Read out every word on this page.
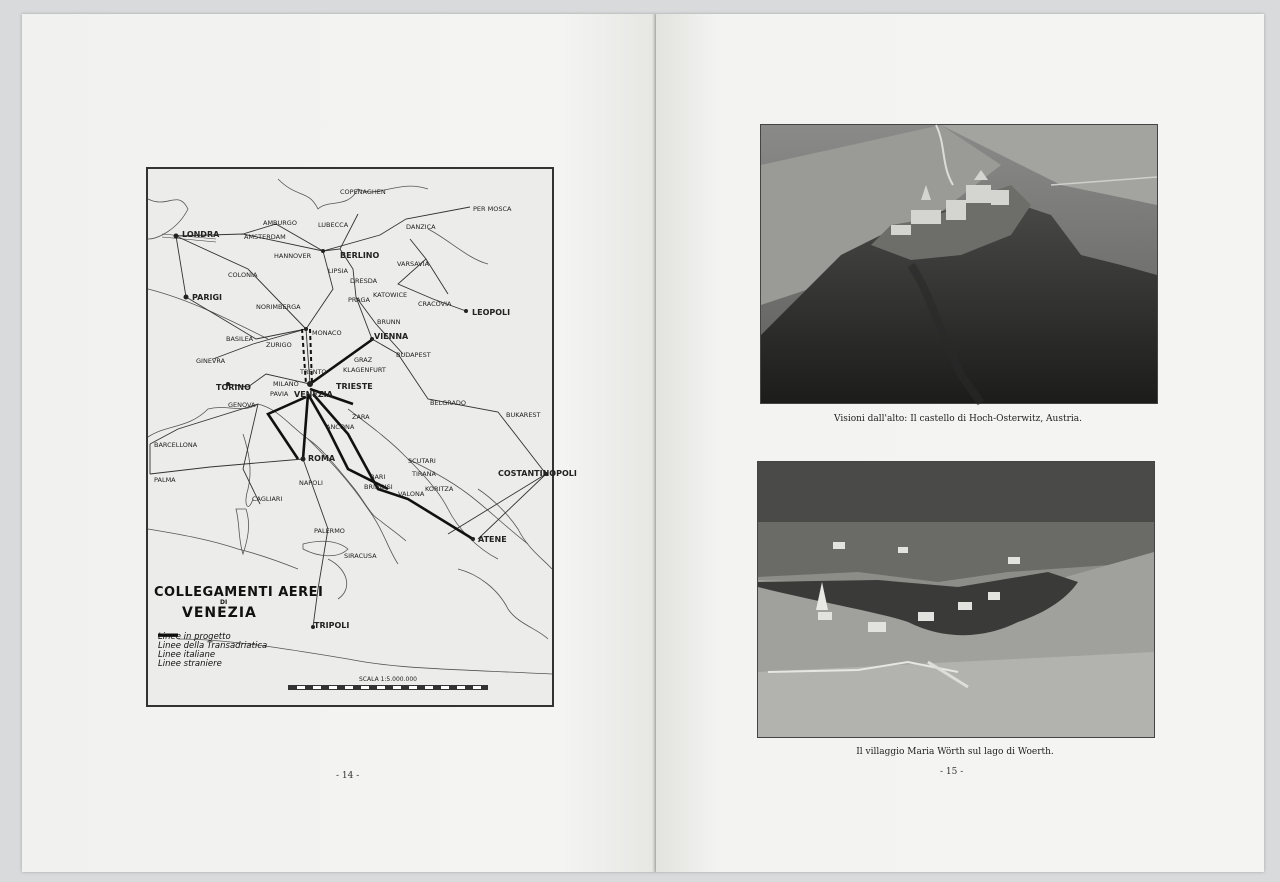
COPENAGHEN
LONDRA
AMBURGO	LUBECCA	DANZICA
PER MOSCA
AMSTERDAM
HANNOVER	BERLINO
COLONIA
VARSAVIA
LIPSIA
DRESDA
PARIGI
NORIMBERGA
PRAGA
KATOWICE
CRACOVIA
LEOPOLI
BRUNN
BASILEA
ZURIGO
MONACO	VIENNA
GINEVRA	GRAZ
BUDAPEST
TRENTO	KLAGENFURT
TORINO	MILANO	TRIESTE
PAVIA VENEZIA
GENOVA	BELGRADO
BUKAREST
ZARA
ANCONA
BARCELLONA
ROMA	SCUTARI
TIRANA
BARI	COSTANTINOPOLI
BRINDISI
VALONA
KORITZA
NAPOLI
PALMA
CAGLIARI
ATENE
PALERMO
SIRACUSA
TRIPOLI
COLLEGAMENTI AEREI
DI
VENEZIA
Linee in progetto
Linee della Transadriatica
Linee italiane
Linee straniere
SCALA 1:5.000.000
- 14 -
Visioni dall'alto: Il castello di Hoch-Osterwitz, Austria.
Il villaggio Maria Wörth sul lago di Woerth.
- 15 -
